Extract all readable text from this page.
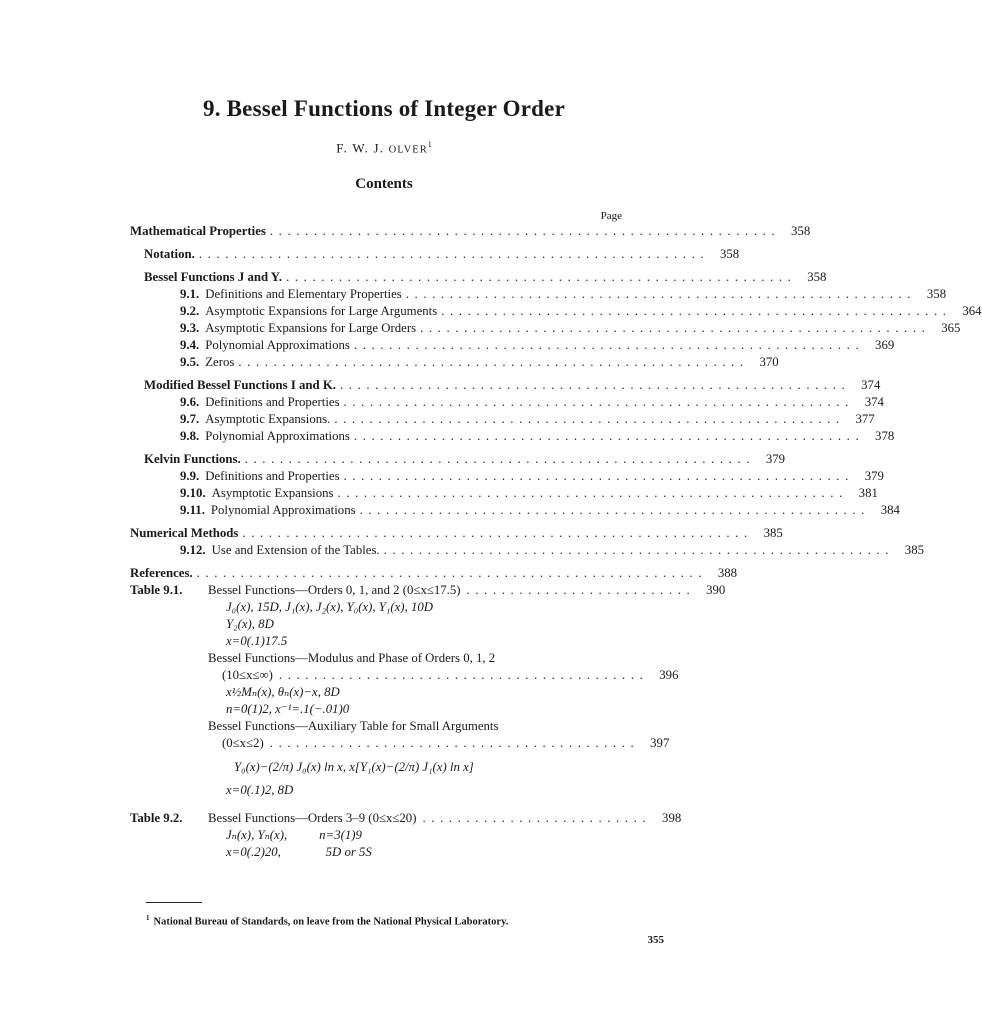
9. Bessel Functions of Integer Order
F. W. J. OLVER$^1$
Contents
Page
Mathematical Properties .......................................................... 358
Notation. .......................................................... 358
Bessel Functions J and Y. .......................................................... 358
9.1. Definitions and Elementary Properties .......................................................... 358
9.2. Asymptotic Expansions for Large Arguments .......................................................... 364
9.3. Asymptotic Expansions for Large Orders .......................................................... 365
9.4. Polynomial Approximations .......................................................... 369
9.5. Zeros .......................................................... 370
Modified Bessel Functions I and K. .......................................................... 374
9.6. Definitions and Properties .......................................................... 374
9.7. Asymptotic Expansions. .......................................................... 377
9.8. Polynomial Approximations .......................................................... 378
Kelvin Functions. .......................................................... 379
9.9. Definitions and Properties .......................................................... 379
9.10. Asymptotic Expansions .......................................................... 381
9.11. Polynomial Approximations .......................................................... 384
Numerical Methods .......................................................... 385
9.12. Use and Extension of the Tables. .......................................................... 385
References. .......................................................... 388
Table 9.1.	Bessel Functions—Orders 0, 1, and 2 (0≤x≤17.5) .......................... 390
J₀(x), 15D, J₁(x), J₂(x), Y₀(x), Y₁(x), 10D
Y₂(x), 8D
x=0(.1)17.5
Bessel Functions—Modulus and Phase of Orders 0, 1, 2
(10≤x≤∞) .......................................... 396
x½Mₙ(x), θₙ(x)−x, 8D
n=0(1)2, x⁻¹=.1(−.01)0
Bessel Functions—Auxiliary Table for Small Arguments
(0≤x≤2) .......................................... 397
Y₀(x)−(2/π) J₀(x) ln x, x[Y₁(x)−(2/π) J₁(x) ln x]
x=0(.1)2, 8D
Table 9.2.	Bessel Functions—Orders 3–9 (0≤x≤20) .......................... 398
Jₙ(x), Yₙ(x),          n=3(1)9
x=0(.2)20,              5D or 5S
$^1$ National Bureau of Standards, on leave from the National Physical Laboratory.
355
